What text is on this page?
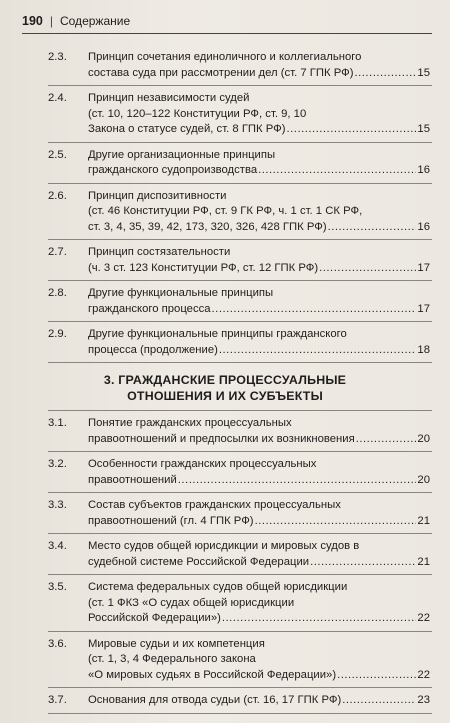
190 | Содержание
2.3. Принцип сочетания единоличного и коллегиального
состава суда при рассмотрении дел (ст. 7 ГПК РФ) .....	15
2.4. Принцип независимости судей
(ст. 10, 120–122 Конституции РФ, ст. 9, 10
Закона о статусе судей, ст. 8 ГПК РФ) .....	15
2.5. Другие организационные принципы
гражданского судопроизводства .....	16
2.6. Принцип диспозитивности
(ст. 46 Конституции РФ, ст. 9 ГК РФ, ч. 1 ст. 1 СК РФ,
ст. 3, 4, 35, 39, 42, 173, 320, 326, 428 ГПК РФ) .....	16
2.7. Принцип состязательности
(ч. 3 ст. 123 Конституции РФ, ст. 12 ГПК РФ) .....	17
2.8. Другие функциональные принципы
гражданского процесса .....	17
2.9. Другие функциональные принципы гражданского
процесса (продолжение) .....	18
3. ГРАЖДАНСКИЕ ПРОЦЕССУАЛЬНЫЕ
ОТНОШЕНИЯ И ИХ СУБЪЕКТЫ
3.1. Понятие гражданских процессуальных
правоотношений и предпосылки их возникновения .....	20
3.2. Особенности гражданских процессуальных
правоотношений .....	20
3.3. Состав субъектов гражданских процессуальных
правоотношений (гл. 4 ГПК РФ) .....	21
3.4. Место судов общей юрисдикции и мировых судов в
судебной системе Российской Федерации .....	21
3.5. Система федеральных судов общей юрисдикции
(ст. 1 ФКЗ «О судах общей юрисдикции
Российской Федерации») .....	22
3.6. Мировые судьи и их компетенция
(ст. 1, 3, 4 Федерального закона
«О мировых судьях в Российской Федерации») .....	22
3.7. Основания для отвода судьи (ст. 16, 17 ГПК РФ) .....	23
